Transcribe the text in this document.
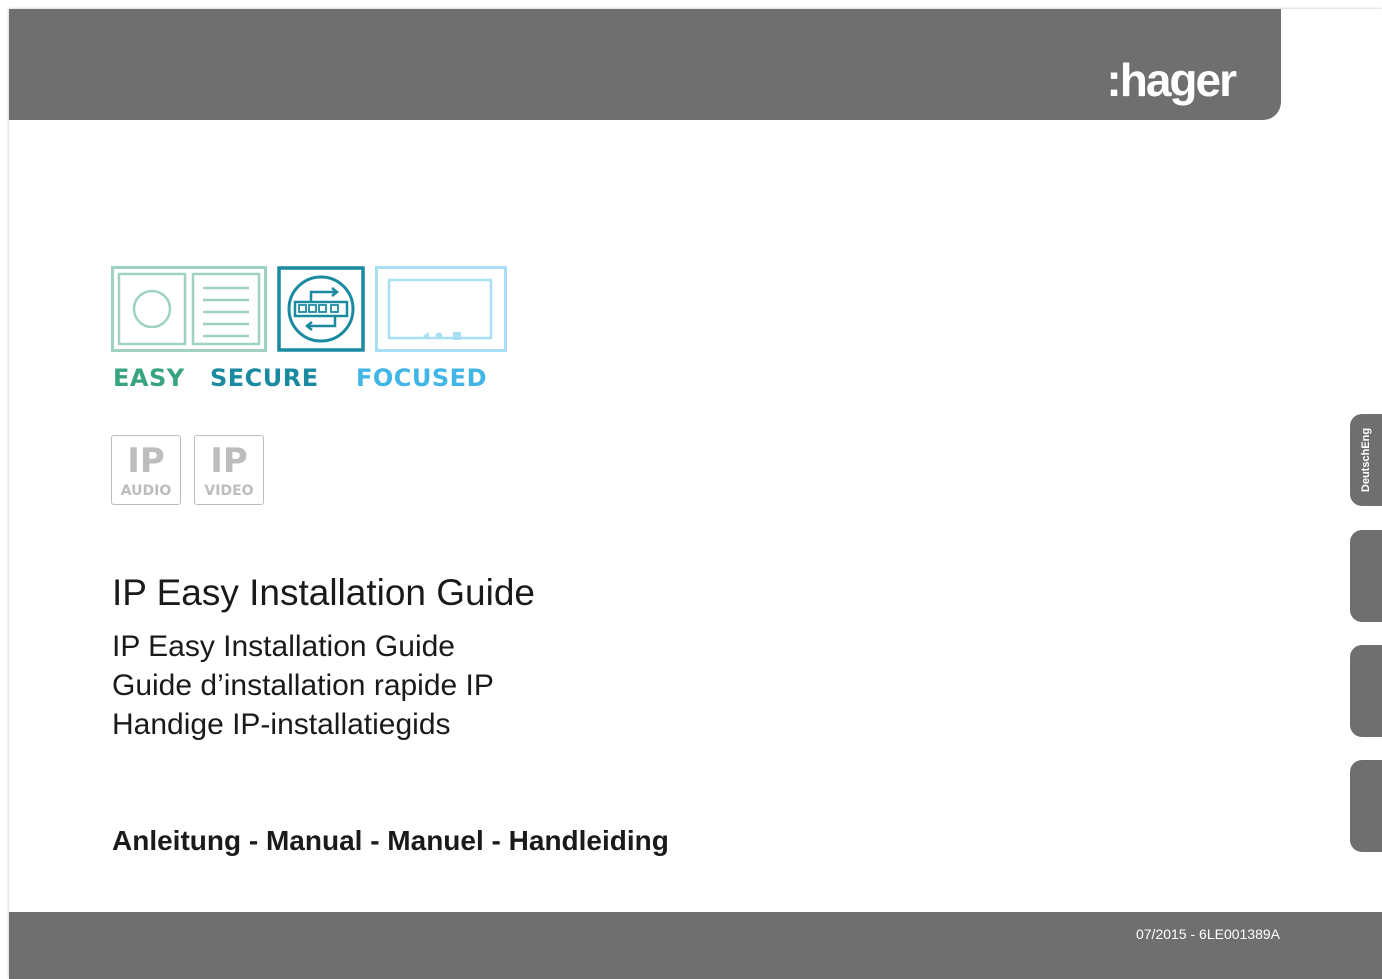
:hager
EASY SECURE FOCUSED
IP
AUDIO
IP
VIDEO
IP Easy Installation Guide
IP Easy Installation Guide
Guide d’installation rapide IP
Handige IP-installatiegids
Anleitung - Manual - Manuel - Handleiding
DeutschEng
07/2015 - 6LE001389A
